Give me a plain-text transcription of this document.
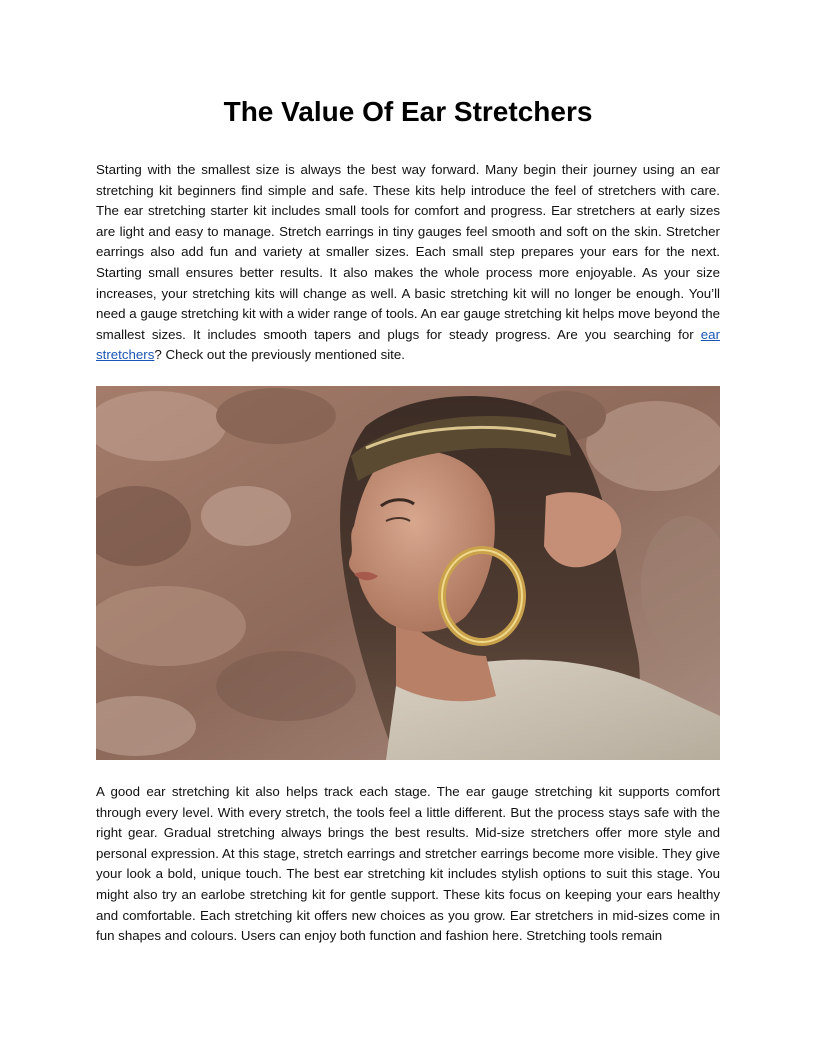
The Value Of Ear Stretchers

Starting with the smallest size is always the best way forward. Many begin their journey using an ear stretching kit beginners find simple and safe. These kits help introduce the feel of stretchers with care. The ear stretching starter kit includes small tools for comfort and progress. Ear stretchers at early sizes are light and easy to manage. Stretch earrings in tiny gauges feel smooth and soft on the skin. Stretcher earrings also add fun and variety at smaller sizes. Each small step prepares your ears for the next. Starting small ensures better results. It also makes the whole process more enjoyable. As your size increases, your stretching kits will change as well. A basic stretching kit will no longer be enough. You’ll need a gauge stretching kit with a wider range of tools. An ear gauge stretching kit helps move beyond the smallest sizes. It includes smooth tapers and plugs for steady progress. Are you searching for ear stretchers? Check out the previously mentioned site.

A good ear stretching kit also helps track each stage. The ear gauge stretching kit supports comfort through every level. With every stretch, the tools feel a little different. But the process stays safe with the right gear. Gradual stretching always brings the best results. Mid-size stretchers offer more style and personal expression. At this stage, stretch earrings and stretcher earrings become more visible. They give your look a bold, unique touch. The best ear stretching kit includes stylish options to suit this stage. You might also try an earlobe stretching kit for gentle support. These kits focus on keeping your ears healthy and comfortable. Each stretching kit offers new choices as you grow. Ear stretchers in mid-sizes come in fun shapes and colours. Users can enjoy both function and fashion here. Stretching tools remain
